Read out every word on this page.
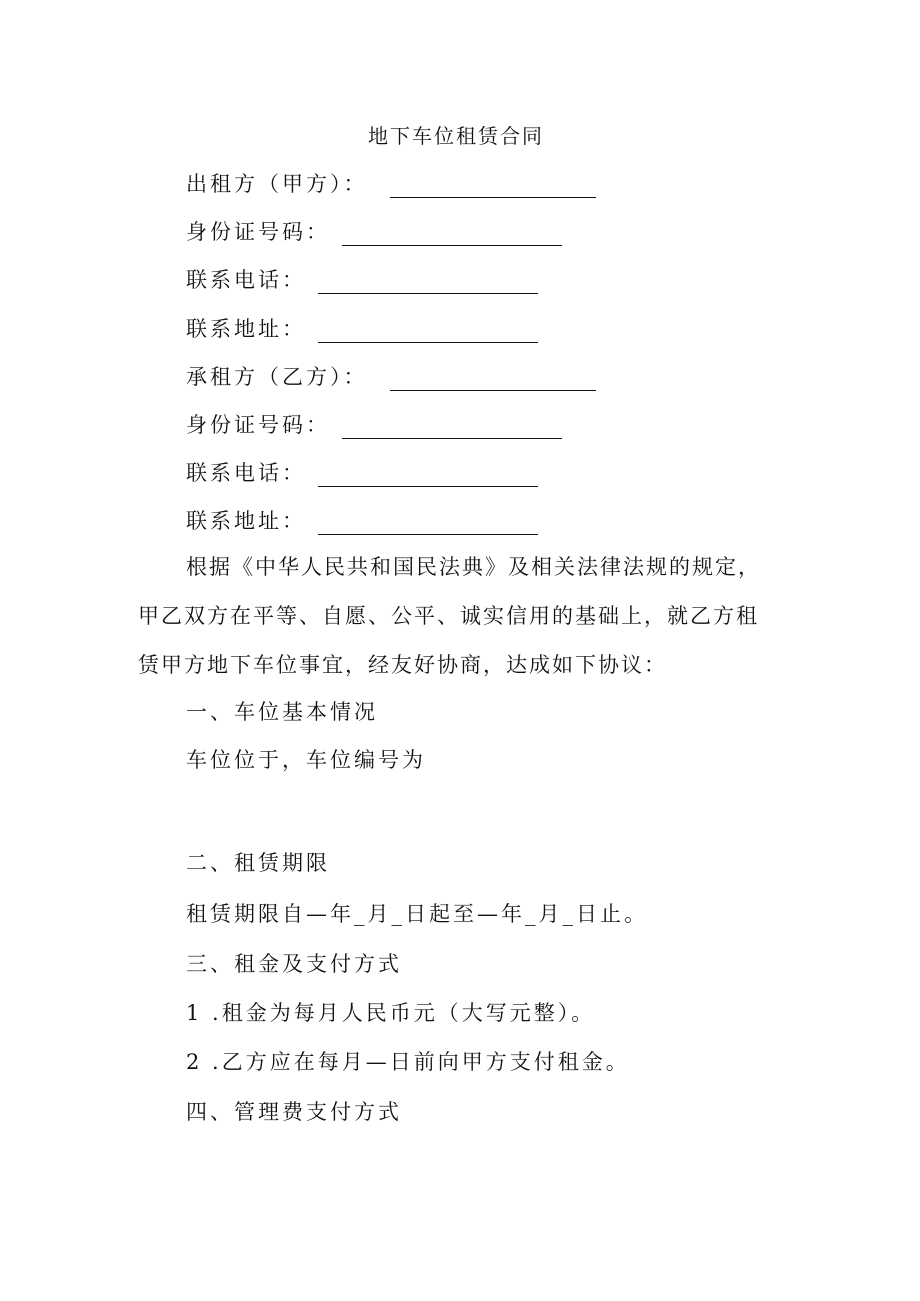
地下车位租赁合同
出租方（甲方）：
身份证号码：
联系电话：
联系地址：
承租方（乙方）：
身份证号码：
联系电话：
联系地址：
根据《中华人民共和国民法典》及相关法律法规的规定，甲乙双方在平等、自愿、公平、诚实信用的基础上，就乙方租赁甲方地下车位事宜，经友好协商，达成如下协议：
一、车位基本情况
车位位于，车位编号为
二、租赁期限
租赁期限自—年_月_日起至—年_月_日止。
三、租金及支付方式
1 .租金为每月人民币元（大写元整）。
2 .乙方应在每月—日前向甲方支付租金。
四、管理费支付方式
